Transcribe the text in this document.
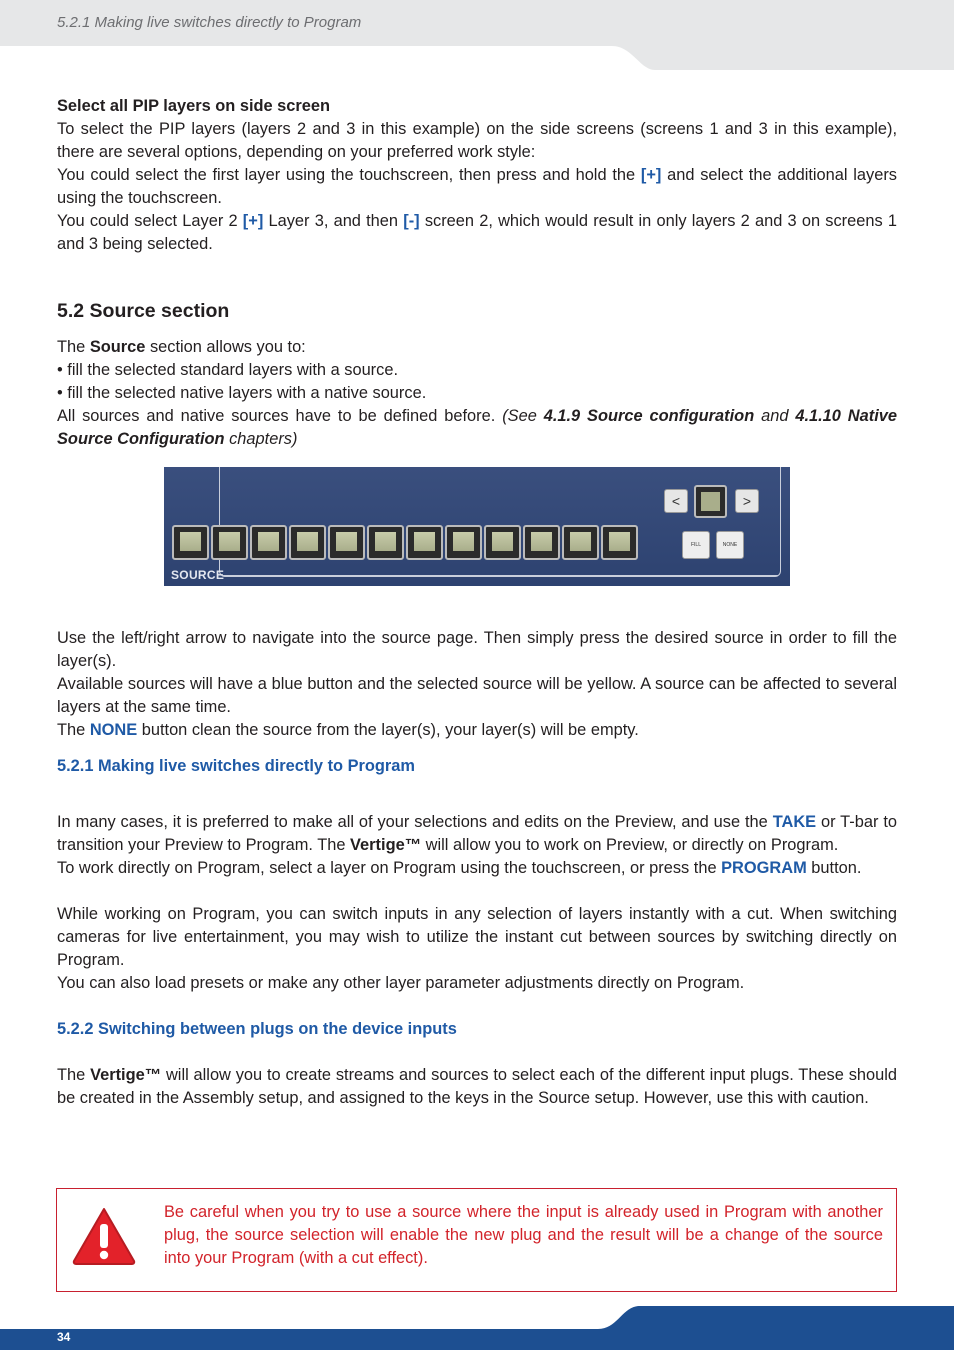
5.2.1 Making live switches directly to Program

Select all PIP layers on side screen

To select the PIP layers (layers 2 and 3 in this example) on the side screens (screens 1 and 3 in this example), there are several options, depending on your preferred work style:

You could select the first layer using the touchscreen, then press and hold the [+] and select the additional layers using the touchscreen.

You could select Layer 2 [+] Layer 3, and then [-] screen 2, which would result in only layers 2 and 3 on screens 1 and 3 being selected.

5.2 Source section

The Source section allows you to:

• fill the selected standard layers with a source.

• fill the selected native layers with a native source.

All sources and native sources have to be defined before. (See 4.1.9 Source configuration and 4.1.10 Native Source Configuration chapters)

Use the left/right arrow to navigate into the source page. Then simply press the desired source in order to fill the layer(s).

Available sources will have a blue button and the selected source will be yellow. A source can be affected to several layers at the same time.

The NONE button clean the source from the layer(s), your layer(s) will be empty.

5.2.1 Making live switches directly to Program

In many cases, it is preferred to make all of your selections and edits on the Preview, and use the TAKE or T-bar to transition your Preview to Program. The Vertige™ will allow you to work on Preview, or directly on Program.

To work directly on Program, select a layer on Program using the touchscreen, or press the PROGRAM button.

While working on Program, you can switch inputs in any selection of layers instantly with a cut. When switching cameras for live entertainment, you may wish to utilize the instant cut between sources by switching directly on Program.

You can also load presets or make any other layer parameter adjustments directly on Program.

5.2.2 Switching between plugs on the device inputs

The Vertige™ will allow you to create streams and sources to select each of the different input plugs. These should be created in the Assembly setup, and assigned to the keys in the Source setup. However, use this with caution.

<	>
FILL	NONE
SOURCE

Be careful when you try to use a source where the input is already used in Program with another plug, the source selection will enable the new plug and the result will be a change of the source into your Program (with a cut effect).

34
